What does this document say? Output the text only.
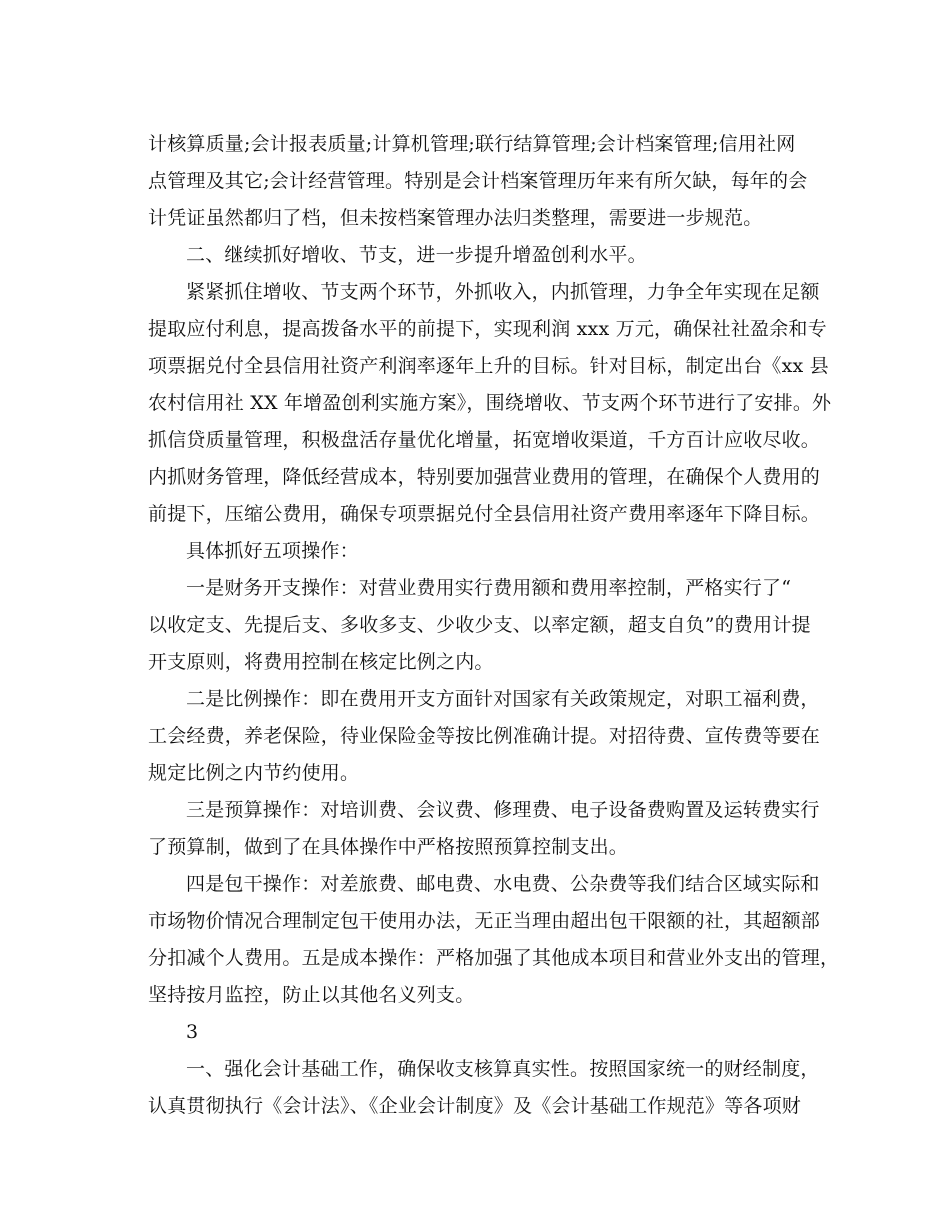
计核算质量;会计报表质量;计算机管理;联行结算管理;会计档案管理;信用社网
点管理及其它;会计经营管理。特别是会计档案管理历年来有所欠缺，每年的会
计凭证虽然都归了档，但未按档案管理办法归类整理，需要进一步规范。
二、继续抓好增收、节支，进一步提升增盈创利水平。
紧紧抓住增收、节支两个环节，外抓收入，内抓管理，力争全年实现在足额
提取应付利息，提高拨备水平的前提下，实现利润 xxx 万元，确保社社盈余和专
项票据兑付全县信用社资产利润率逐年上升的目标。针对目标，制定出台《xx 县
农村信用社 XX 年增盈创利实施方案》，围绕增收、节支两个环节进行了安排。外
抓信贷质量管理，积极盘活存量优化增量，拓宽增收渠道，千方百计应收尽收。
内抓财务管理，降低经营成本，特别要加强营业费用的管理，在确保个人费用的
前提下，压缩公费用，确保专项票据兑付全县信用社资产费用率逐年下降目标。
具体抓好五项操作：
一是财务开支操作：对营业费用实行费用额和费用率控制，严格实行了“
以收定支、先提后支、多收多支、少收少支、以率定额，超支自负”的费用计提
开支原则，将费用控制在核定比例之内。
二是比例操作：即在费用开支方面针对国家有关政策规定，对职工福利费，
工会经费，养老保险，待业保险金等按比例准确计提。对招待费、宣传费等要在
规定比例之内节约使用。
三是预算操作：对培训费、会议费、修理费、电子设备费购置及运转费实行
了预算制，做到了在具体操作中严格按照预算控制支出。
四是包干操作：对差旅费、邮电费、水电费、公杂费等我们结合区域实际和
市场物价情况合理制定包干使用办法，无正当理由超出包干限额的社，其超额部
分扣减个人费用。五是成本操作：严格加强了其他成本项目和营业外支出的管理，
坚持按月监控，防止以其他名义列支。
3
一、强化会计基础工作，确保收支核算真实性。按照国家统一的财经制度，
认真贯彻执行《会计法》、《企业会计制度》及《会计基础工作规范》等各项财
